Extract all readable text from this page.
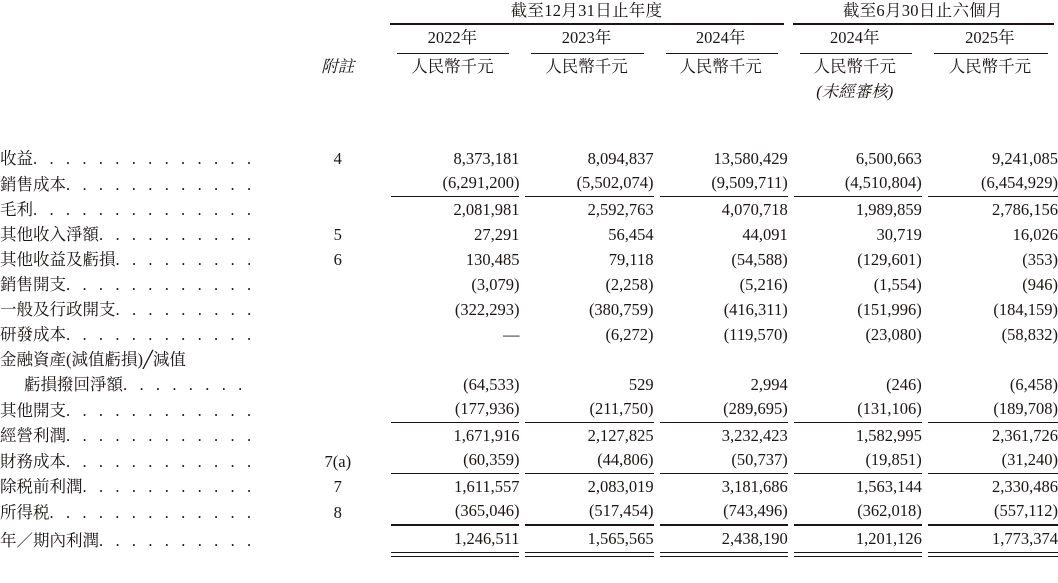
		截至12月31日止年度			截至6月30日止六個月	

		2022年	2023年	2024年	2024年	2025年

	附註	人民幣千元	人民幣千元	人民幣千元	人民幣千元	人民幣千元
					(未經審核)	

收益. . . . . . . . . . . . . .	4	8,373,181	8,094,837	13,580,429	6,500,663	9,241,085
銷售成本. . . . . . . . . . . .		(6,291,200)	(5,502,074)	(9,509,711)	(4,510,804)	(6,454,929)

毛利. . . . . . . . . . . . . .		2,081,981	2,592,763	4,070,718	1,989,859	2,786,156
其他收入淨額. . . . . . . . . .	5	27,291	56,454	44,091	30,719	16,026
其他收益及虧損. . . . . . . . .	6	130,485	79,118	(54,588)	(129,601)	(353)
銷售開支. . . . . . . . . . . .		(3,079)	(2,258)	(5,216)	(1,554)	(946)
一般及行政開支. . . . . . . . .		(322,293)	(380,759)	(416,311)	(151,996)	(184,159)
研發成本. . . . . . . . . . . .		—	(6,272)	(119,570)	(23,080)	(58,832)
金融資產(減值虧損)╱減值						
虧損撥回淨額. . . . . . . .		(64,533)	529	2,994	(246)	(6,458)
其他開支. . . . . . . . . . . .		(177,936)	(211,750)	(289,695)	(131,106)	(189,708)

經營利潤. . . . . . . . . . . .		1,671,916	2,127,825	3,232,423	1,582,995	2,361,726
財務成本. . . . . . . . . . . .	7(a)	(60,359)	(44,806)	(50,737)	(19,851)	(31,240)

除税前利潤. . . . . . . . . . .	7	1,611,557	2,083,019	3,181,686	1,563,144	2,330,486
所得税. . . . . . . . . . . . .	8	(365,046)	(517,454)	(743,496)	(362,018)	(557,112)

年／期內利潤. . . . . . . . . .		1,246,511	1,565,565	2,438,190	1,201,126	1,773,374
